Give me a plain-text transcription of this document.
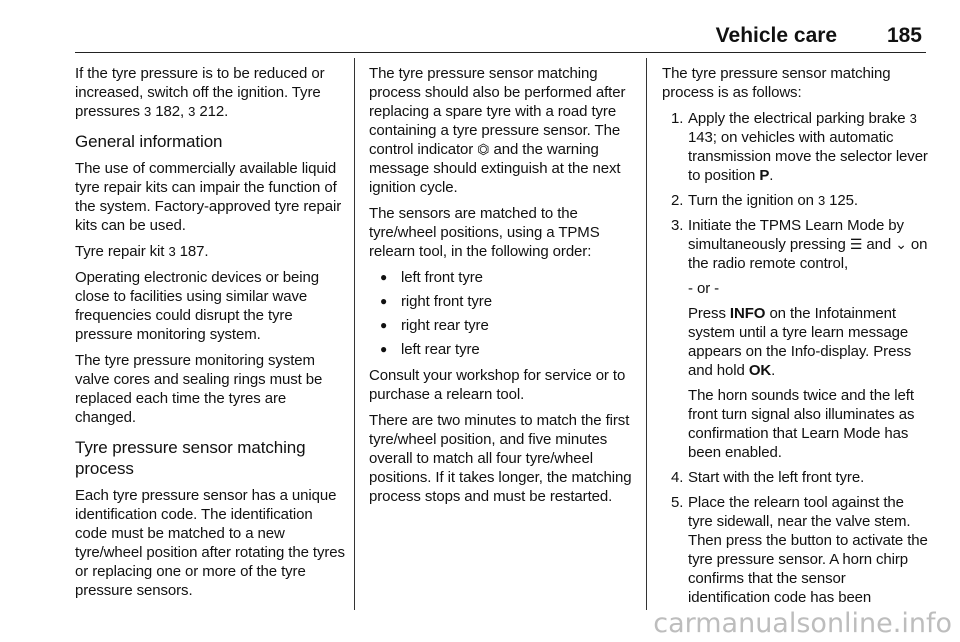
Vehicle care 185

If the tyre pressure is to be reduced or increased, switch off the ignition. Tyre pressures 3 182, 3 212.

General information

The use of commercially available liquid tyre repair kits can impair the function of the system. Factory-approved tyre repair kits can be used.

Tyre repair kit 3 187.

Operating electronic devices or being close to facilities using similar wave frequencies could disrupt the tyre pressure monitoring system.

The tyre pressure monitoring system valve cores and sealing rings must be replaced each time the tyres are changed.

Tyre pressure sensor matching process

Each tyre pressure sensor has a unique identification code. The identification code must be matched to a new tyre/wheel position after rotating the tyres or replacing one or more of the tyre pressure sensors.

The tyre pressure sensor matching process should also be performed after replacing a spare tyre with a road tyre containing a tyre pressure sensor. The control indicator ⏣ and the warning message should extinguish at the next ignition cycle.

The sensors are matched to the tyre/wheel positions, using a TPMS relearn tool, in the following order:

● left front tyre
● right front tyre
● right rear tyre
● left rear tyre

Consult your workshop for service or to purchase a relearn tool.

There are two minutes to match the first tyre/wheel position, and five minutes overall to match all four tyre/wheel positions. If it takes longer, the matching process stops and must be restarted.

The tyre pressure sensor matching process is as follows:

1. Apply the electrical parking brake 3 143; on vehicles with automatic transmission move the selector lever to position P.

2. Turn the ignition on 3 125.

3. Initiate the TPMS Learn Mode by simultaneously pressing ☰ and ⌄ on the radio remote control,

- or -

Press INFO on the Infotainment system until a tyre learn message appears on the Info-display. Press and hold OK.

The horn sounds twice and the left front turn signal also illuminates as confirmation that Learn Mode has been enabled.

4. Start with the left front tyre.

5. Place the relearn tool against the tyre sidewall, near the valve stem. Then press the button to activate the tyre pressure sensor. A horn chirp confirms that the sensor identification code has been

carmanualsonline.info
